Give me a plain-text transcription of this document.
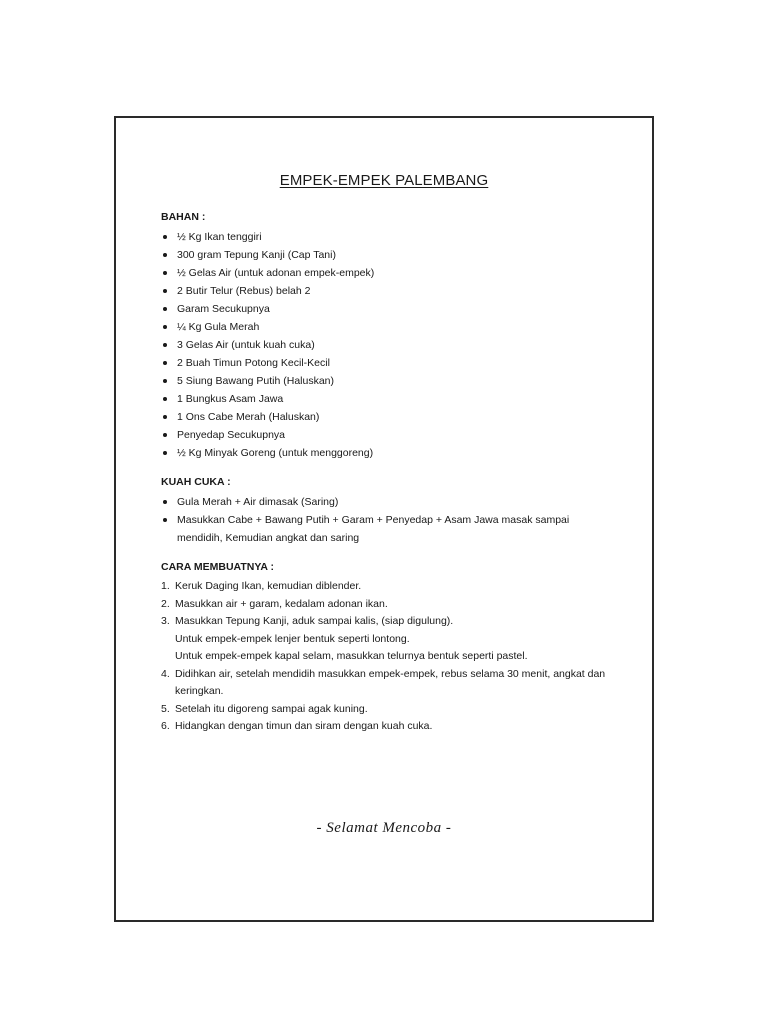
EMPEK-EMPEK PALEMBANG
BAHAN :
½ Kg Ikan tenggiri
300 gram Tepung Kanji (Cap Tani)
½ Gelas Air (untuk adonan empek-empek)
2 Butir Telur (Rebus) belah 2
Garam Secukupnya
¼ Kg Gula Merah
3 Gelas Air (untuk kuah cuka)
2 Buah Timun Potong Kecil-Kecil
5 Siung Bawang Putih (Haluskan)
1 Bungkus Asam Jawa
1 Ons Cabe Merah (Haluskan)
Penyedap Secukupnya
½ Kg Minyak Goreng (untuk menggoreng)
KUAH CUKA :
Gula Merah + Air dimasak (Saring)
Masukkan Cabe + Bawang Putih + Garam + Penyedap + Asam Jawa masak sampai mendidih, Kemudian angkat dan saring
CARA MEMBUATNYA :
1. Keruk Daging Ikan, kemudian diblender.
2. Masukkan air + garam, kedalam adonan ikan.
3. Masukkan Tepung Kanji, aduk sampai kalis, (siap digulung).
Untuk empek-empek lenjer bentuk seperti lontong.
Untuk empek-empek kapal selam, masukkan telurnya bentuk seperti pastel.
4. Didihkan air, setelah mendidih masukkan empek-empek, rebus selama 30 menit, angkat dan keringkan.
5. Setelah itu digoreng sampai agak kuning.
6. Hidangkan dengan timun dan siram dengan kuah cuka.
- Selamat Mencoba -
